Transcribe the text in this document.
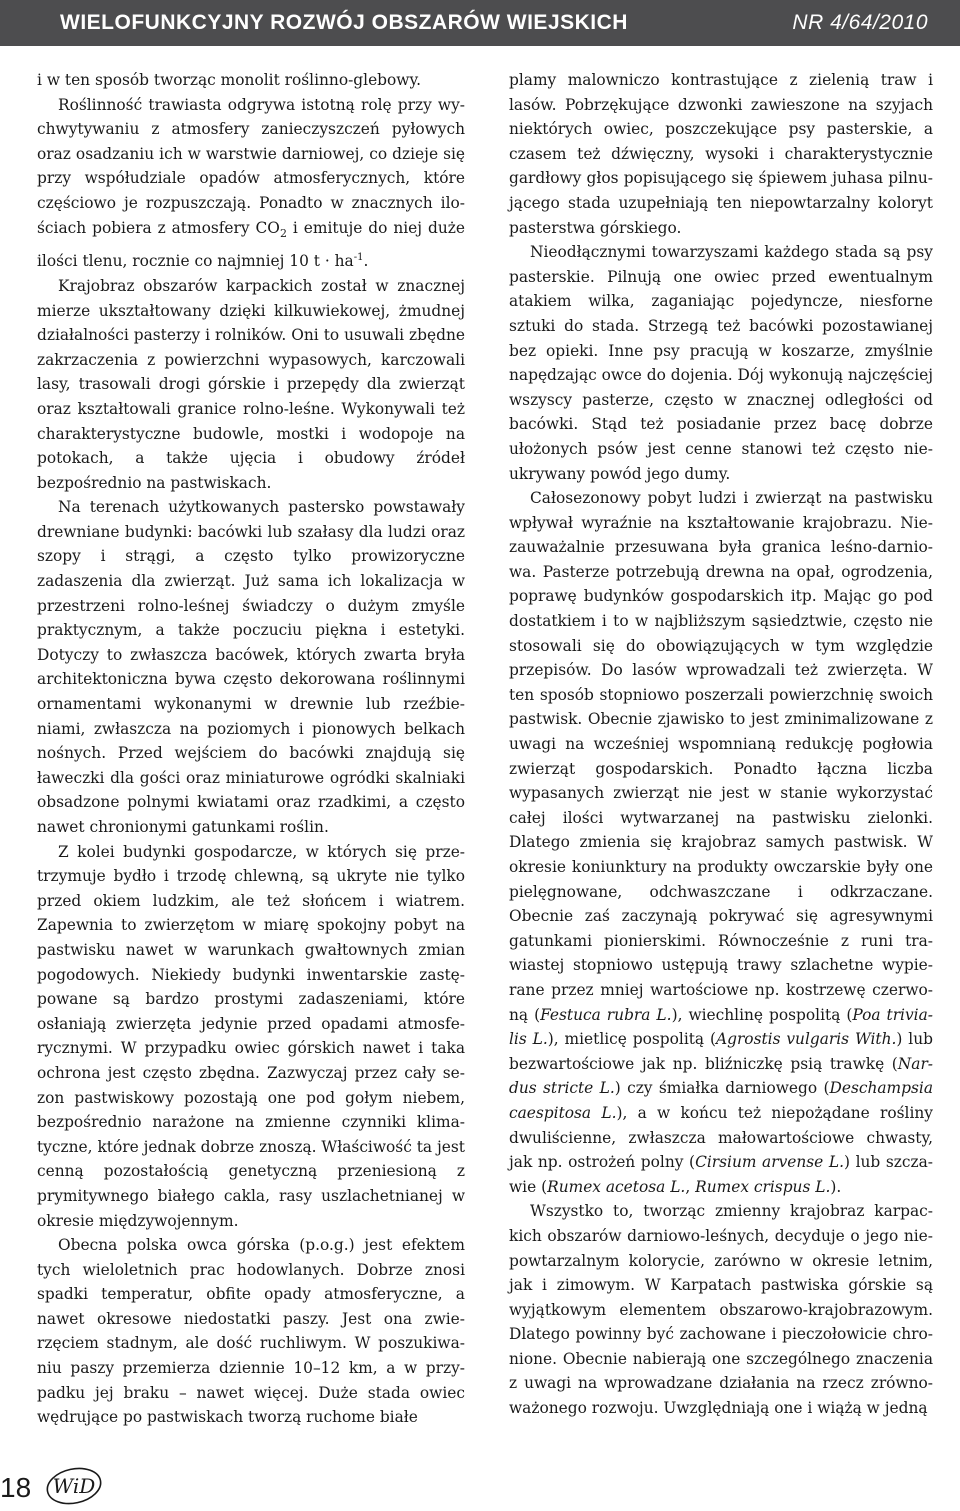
WIELOFUNKCYJNY ROZWÓJ OBSZARÓW WIEJSKICH	NR 4/64/2010

i w ten sposób tworząc monolit roślinno-glebowy.

Roślinność trawiasta odgrywa istotną rolę przy wychwytywaniu z atmosfery zanieczyszczeń pyłowych oraz osadzaniu ich w warstwie darniowej, co dzieje się przy współudziale opadów atmosferycznych, które częściowo je rozpuszczają. Ponadto w znacznych ilościach pobiera z atmosfery $CO_2$ i emituje do niej duże ilości tlenu, rocznie co najmniej 10 $t \cdot ha^{-1}$.

Krajobraz obszarów karpackich został w znacznej mierze ukształtowany dzięki kilkuwiekowej, żmudnej działalności pasterzy i rolników. Oni to usuwali zbędne zakrzaczenia z powierzchni wypasowych, karczowali lasy, trasowali drogi górskie i przepędy dla zwierząt oraz kształtowali granice rolno-leśne. Wykonywali też charakterystyczne budowle, mostki i wodopoje na potokach, a także ujęcia i obudowy źródeł bezpośrednio na pastwiskach.

Na terenach użytkowanych pastersko powstawały drewniane budynki: bacówki lub szałasy dla ludzi oraz szopy i strągi, a często tylko prowizoryczne zadaszenia dla zwierząt. Już sama ich lokalizacja w przestrzeni rolno-leśnej świadczy o dużym zmyśle praktycznym, a także poczuciu piękna i estetyki. Dotyczy to zwłaszcza bacówek, których zwarta bryła architektoniczna bywa często dekorowana roślinnymi ornamentami wykonanymi w drewnie lub rzeźbieniami, zwłaszcza na poziomych i pionowych belkach nośnych. Przed wejściem do bacówki znajdują się ławeczki dla gości oraz miniaturowe ogródki skalniaki obsadzone polnymi kwiatami oraz rzadkimi, a często nawet chronionymi gatunkami roślin.

Z kolei budynki gospodarcze, w których się przetrzymuje bydło i trzodę chlewną, są ukryte nie tylko przed okiem ludzkim, ale też słońcem i wiatrem. Zapewnia to zwierzętom w miarę spokojny pobyt na pastwisku nawet w warunkach gwałtownych zmian pogodowych. Niekiedy budynki inwentarskie zastępowane są bardzo prostymi zadaszeniami, które osłaniają zwierzęta jedynie przed opadami atmosferycznymi. W przypadku owiec górskich nawet i taka ochrona jest często zbędna. Zazwyczaj przez cały sezon pastwiskowy pozostają one pod gołym niebem, bezpośrednio narażone na zmienne czynniki klimatyczne, które jednak dobrze znoszą. Właściwość ta jest cenną pozostałością genetyczną przeniesioną z prymitywnego białego cakla, rasy uszlachetnianej w okresie międzywojennym.

Obecna polska owca górska (p.o.g.) jest efektem tych wieloletnich prac hodowlanych. Dobrze znosi spadki temperatur, obfite opady atmosferyczne, a nawet okresowe niedostatki paszy. Jest ona zwierzęciem stadnym, ale dość ruchliwym. W poszukiwaniu paszy przemierza dziennie 10–12 km, a w przypadku jej braku – nawet więcej. Duże stada owiec wędrujące po pastwiskach tworzą ruchome białe

plamy malowniczo kontrastujące z zielenią traw i lasów. Pobrzękujące dzwonki zawieszone na szyjach niektórych owiec, poszczekujące psy pasterskie, a czasem też dźwięczny, wysoki i charakterystycznie gardłowy głos popisującego się śpiewem juhasa pilnującego stada uzupełniają ten niepowtarzalny koloryt pasterstwa górskiego.

Nieodłącznymi towarzyszami każdego stada są psy pasterskie. Pilnują one owiec przed ewentualnym atakiem wilka, zaganiając pojedyncze, niesforne sztuki do stada. Strzegą też bacówki pozostawianej bez opieki. Inne psy pracują w koszarze, zmyślnie napędzając owce do dojenia. Dój wykonują najczęściej wszyscy pasterze, często w znacznej odległości od bacówki. Stąd też posiadanie przez bacę dobrze ułożonych psów jest cenne stanowi też często nieukrywany powód jego dumy.

Całosezonowy pobyt ludzi i zwierząt na pastwisku wpływał wyraźnie na kształtowanie krajobrazu. Niezauważalnie przesuwana była granica leśno-darniowa. Pasterze potrzebują drewna na opał, ogrodzenia, poprawę budynków gospodarskich itp. Mając go pod dostatkiem i to w najbliższym sąsiedztwie, często nie stosowali się do obowiązujących w tym względzie przepisów. Do lasów wprowadzali też zwierzęta. W ten sposób stopniowo poszerzali powierzchnię swoich pastwisk. Obecnie zjawisko to jest zminimalizowane z uwagi na wcześniej wspomnianą redukcję pogłowia zwierząt gospodarskich. Ponadto łączna liczba wypasanych zwierząt nie jest w stanie wykorzystać całej ilości wytwarzanej na pastwisku zielonki. Dlatego zmienia się krajobraz samych pastwisk. W okresie koniunktury na produkty owczarskie były one pielęgnowane, odchwaszczane i odkrzaczane. Obecnie zaś zaczynają pokrywać się agresywnymi gatunkami pionierskimi. Równocześnie z runi trawiastej stopniowo ustępują trawy szlachetne wypierane przez mniej wartościowe np. kostrzewę czerwoną (Festuca rubra L.), wiechlinę pospolitą (Poa trivialis L.), mietlicę pospolitą (Agrostis vulgaris With.) lub bezwartościowe jak np. bliźniczkę psią trawkę (Nardus stricte L.) czy śmiałka darniowego (Deschampsia caespitosa L.), a w końcu też niepożądane rośliny dwuliścienne, zwłaszcza małowartościowe chwasty, jak np. ostrożeń polny (Cirsium arvense L.) lub szczawie (Rumex acetosa L., Rumex crispus L.).

Wszystko to, tworząc zmienny krajobraz karpackich obszarów darniowo-leśnych, decyduje o jego niepowtarzalnym kolorycie, zarówno w okresie letnim, jak i zimowym. W Karpatach pastwiska górskie są wyjątkowym elementem obszarowo-krajobrazowym. Dlatego powinny być zachowane i pieczołowicie chronione. Obecnie nabierają one szczególnego znaczenia z uwagi na wprowadzane działania na rzecz zrównoważonego rozwoju. Uwzględniają one i wiążą w jedną

18 WiD
